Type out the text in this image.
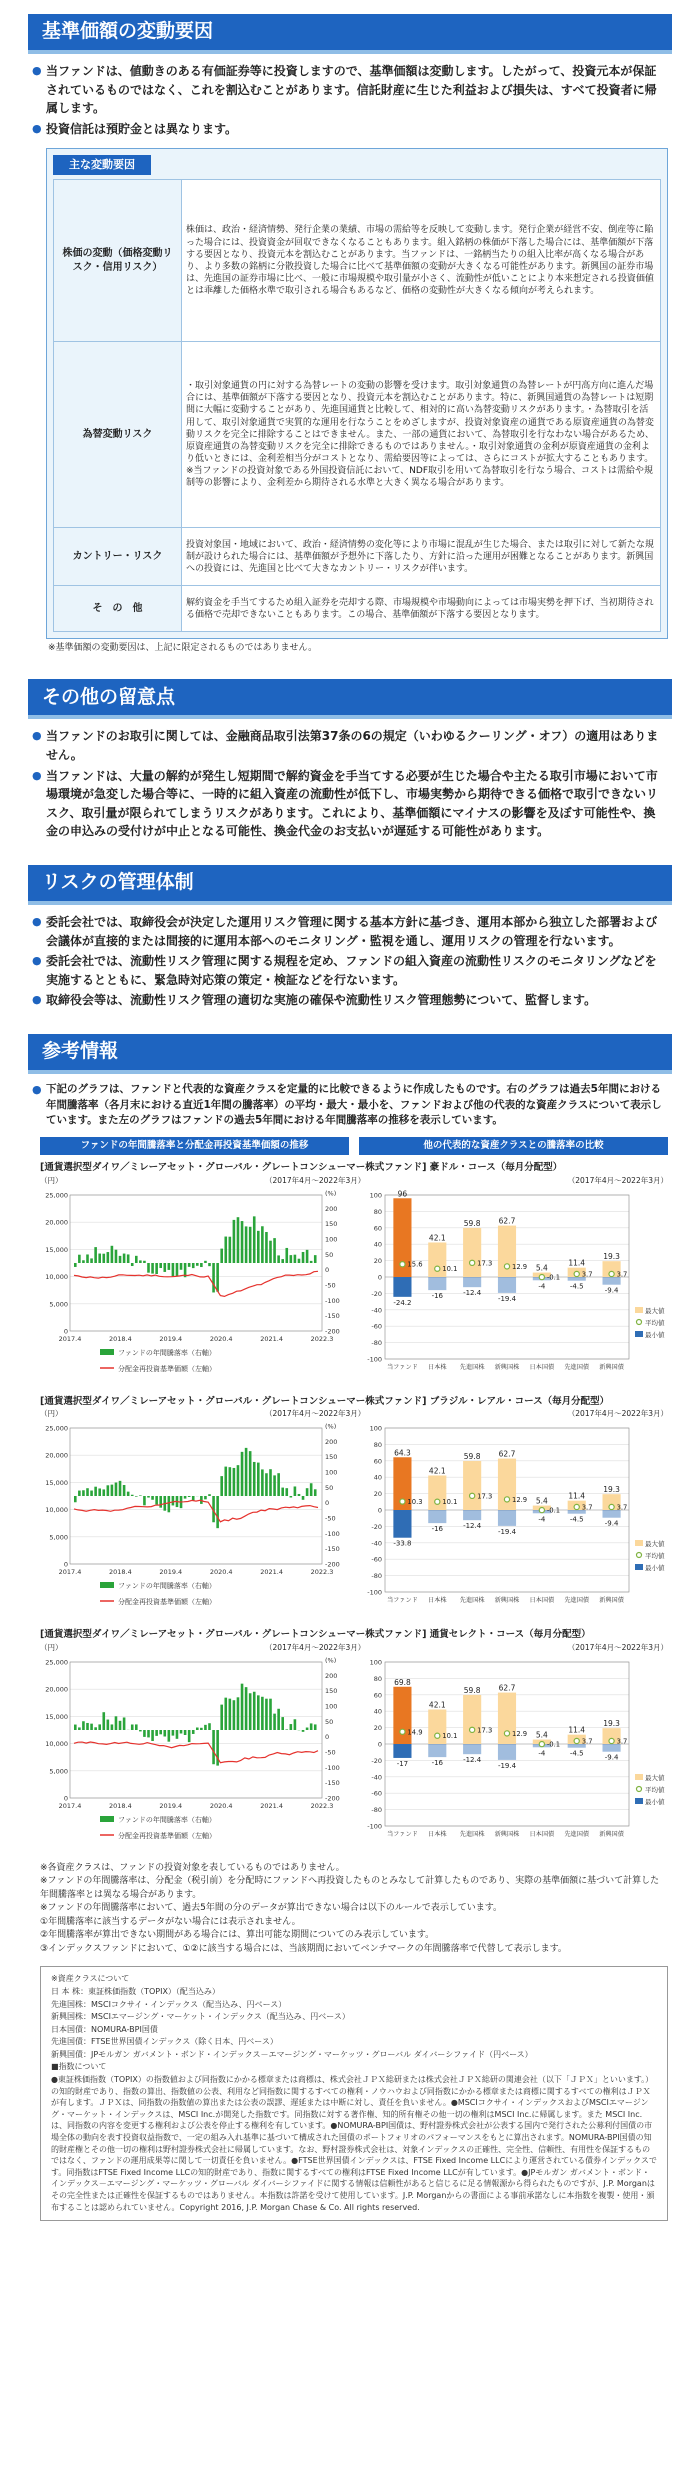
基準価額の変動要因

● 当ファンドは、値動きのある有価証券等に投資しますので、基準価額は変動します。したがって、投資元本が保証されているものではなく、これを割込むことがあります。信託財産に生じた利益および損失は、すべて投資者に帰属します。

● 投資信託は預貯金とは異なります。

主な変動要因
株価の変動（価格変動リスク・信用リスク）	株価は、政治・経済情勢、発行企業の業績、市場の需給等を反映して変動します。発行企業が経営不安、倒産等に陥った場合には、投資資金が回収できなくなることもあります。組入銘柄の株価が下落した場合には、基準価額が下落する要因となり、投資元本を割込むことがあります。当ファンドは、一銘柄当たりの組入比率が高くなる場合があり、より多数の銘柄に分散投資した場合に比べて基準価額の変動が大きくなる可能性があります。新興国の証券市場は、先進国の証券市場に比べ、一般に市場規模や取引量が小さく、流動性が低いことにより本来想定される投資価値とは乖離した価格水準で取引される場合もあるなど、価格の変動性が大きくなる傾向が考えられます。
為替変動リスク	・取引対象通貨の円に対する為替レートの変動の影響を受けます。取引対象通貨の為替レートが円高方向に進んだ場合には、基準価額が下落する要因となり、投資元本を割込むことがあります。特に、新興国通貨の為替レートは短期間に大幅に変動することがあり、先進国通貨と比較して、相対的に高い為替変動リスクがあります。・為替取引を活用して、取引対象通貨で実質的な運用を行なうことをめざしますが、投資対象資産の通貨である原資産通貨の為替変動リスクを完全に排除することはできません。また、一部の通貨において、為替取引を行なわない場合があるため、原資産通貨の為替変動リスクを完全に排除できるものではありません。・取引対象通貨の金利が原資産通貨の金利より低いときには、金利差相当分がコストとなり、需給要因等によっては、さらにコストが拡大することもあります。※当ファンドの投資対象である外国投資信託において、NDF取引を用いて為替取引を行なう場合、コストは需給や規制等の影響により、金利差から期待される水準と大きく異なる場合があります。
カントリー・リスク	投資対象国・地域において、政治・経済情勢の変化等により市場に混乱が生じた場合、または取引に対して新たな規制が設けられた場合には、基準価額が予想外に下落したり、方針に沿った運用が困難となることがあります。新興国への投資には、先進国と比べて大きなカントリー・リスクが伴います。
そ　の　他	解約資金を手当てするため組入証券を売却する際、市場規模や市場動向によっては市場実勢を押下げ、当初期待される価格で売却できないこともあります。この場合、基準価額が下落する要因となります。

※基準価額の変動要因は、上記に限定されるものではありません。

その他の留意点

● 当ファンドのお取引に関しては、金融商品取引法第37条の6の規定（いわゆるクーリング・オフ）の適用はありません。

● 当ファンドは、大量の解約が発生し短期間で解約資金を手当てする必要が生じた場合や主たる取引市場において市場環境が急変した場合等に、一時的に組入資産の流動性が低下し、市場実勢から期待できる価格で取引できないリスク、取引量が限られてしまうリスクがあります。これにより、基準価額にマイナスの影響を及ぼす可能性や、換金の申込みの受付けが中止となる可能性、換金代金のお支払いが遅延する可能性があります。

リスクの管理体制

● 委託会社では、取締役会が決定した運用リスク管理に関する基本方針に基づき、運用本部から独立した部署および会議体が直接的または間接的に運用本部へのモニタリング・監視を通し、運用リスクの管理を行ないます。

● 委託会社では、流動性リスク管理に関する規程を定め、ファンドの組入資産の流動性リスクのモニタリングなどを実施するとともに、緊急時対応策の策定・検証などを行ないます。

● 取締役会等は、流動性リスク管理の適切な実施の確保や流動性リスク管理態勢について、監督します。

参考情報

● 下記のグラフは、ファンドと代表的な資産クラスを定量的に比較できるように作成したものです。右のグラフは過去5年間における年間騰落率（各月末における直近1年間の騰落率）の平均・最大・最小を、ファンドおよび他の代表的な資産クラスについて表示しています。また左のグラフはファンドの過去5年間における年間騰落率の推移を表示しています。

ファンドの年間騰落率と分配金再投資基準価額の推移	他の代表的な資産クラスとの騰落率の比較
[通貨選択型ダイワ／ミレーアセット・グローバル・グレートコンシューマー株式ファンド] 豪ドル・コース（毎月分配型）
（円）	（2017年4月〜2022年3月）	（2017年4月〜2022年3月）
25,000
20,000
15,000
10,000
5,000
0
(%)
200
150
100
50
0
-50
-100
-150
-200
2017.4	2018.4	2019.4	2020.4	2021.4	2022.3
ファンドの年間騰落率（右軸）
分配金再投資基準価額（左軸）
100
80
60
40
20
0
-20
-40
-60
-80
-100
96
15.6
-24.2
当ファンド
42.1
10.1
-16
日本株
59.8
17.3
-12.4
先進国株
62.7
12.9
-19.4
新興国株
5.4
-0.1
-4
日本国債
11.4
3.7
-4.5
先進国債
19.3
3.7
-9.4
新興国債
最大値
平均値
最小値
[通貨選択型ダイワ／ミレーアセット・グローバル・グレートコンシューマー株式ファンド] ブラジル・レアル・コース（毎月分配型）
（円）	（2017年4月〜2022年3月）	（2017年4月〜2022年3月）
25,000
20,000
15,000
10,000
5,000
0
(%)
200
150
100
50
0
-50
-100
-150
-200
2017.4	2018.4	2019.4	2020.4	2021.4	2022.3
ファンドの年間騰落率（右軸）
分配金再投資基準価額（左軸）
100
80
60
40
20
0
-20
-40
-60
-80
-100
64.3
10.3
-33.8
当ファンド
42.1
10.1
-16
日本株
59.8
17.3
-12.4
先進国株
62.7
12.9
-19.4
新興国株
5.4
-0.1
-4
日本国債
11.4
3.7
-4.5
先進国債
19.3
3.7
-9.4
新興国債
最大値
平均値
最小値
[通貨選択型ダイワ／ミレーアセット・グローバル・グレートコンシューマー株式ファンド] 通貨セレクト・コース（毎月分配型）
（円）	（2017年4月〜2022年3月）	（2017年4月〜2022年3月）
25,000
20,000
15,000
10,000
5,000
0
(%)
200
150
100
50
0
-50
-100
-150
-200
2017.4	2018.4	2019.4	2020.4	2021.4	2022.3
ファンドの年間騰落率（右軸）
分配金再投資基準価額（左軸）
100
80
60
40
20
0
-20
-40
-60
-80
-100
69.8
14.9
-17
当ファンド
42.1
10.1
-16
日本株
59.8
17.3
-12.4
先進国株
62.7
12.9
-19.4
新興国株
5.4
-0.1
-4
日本国債
11.4
3.7
-4.5
先進国債
19.3
3.7
-9.4
新興国債
最大値
平均値
最小値

※各資産クラスは、ファンドの投資対象を表しているものではありません。

※ファンドの年間騰落率は、分配金（税引前）を分配時にファンドへ再投資したものとみなして計算したものであり、実際の基準価額に基づいて計算した年間騰落率とは異なる場合があります。

※ファンドの年間騰落率において、過去5年間の分のデータが算出できない場合は以下のルールで表示しています。

①年間騰落率に該当するデータがない場合には表示されません。

②年間騰落率が算出できない期間がある場合には、算出可能な期間についてのみ表示しています。

③インデックスファンドにおいて、①②に該当する場合には、当該期間においてベンチマークの年間騰落率で代替して表示します。

※資産クラスについて

日 本 株：東証株価指数（TOPIX）（配当込み）

先進国株：MSCIコクサイ・インデックス（配当込み、円ベース）

新興国株：MSCIエマージング・マーケット・インデックス（配当込み、円ベース）

日本国債：NOMURA-BPI国債

先進国債：FTSE世界国債インデックス（除く日本、円ベース）

新興国債：JPモルガン ガバメント・ボンド・インデックス－エマージング・マーケッツ・グローバル ダイバーシファイド（円ベース）

■指数について

●東証株価指数（TOPIX）の指数値および同指数にかかる標章または商標は、株式会社ＪＰＸ総研または株式会社ＪＰＸ総研の関連会社（以下「ＪＰＸ」といいます。）の知的財産であり、指数の算出、指数値の公表、利用など同指数に関するすべての権利・ノウハウおよび同指数にかかる標章または商標に関するすべての権利はＪＰＸが有します。ＪＰＸは、同指数の指数値の算出または公表の誤謬、遅延または中断に対し、責任を負いません。●MSCIコクサイ・インデックスおよびMSCIエマージング・マーケット・インデックスは、MSCI Inc.が開発した指数です。同指数に対する著作権、知的所有権その他一切の権利はMSCI Inc.に帰属します。また MSCI Inc.は、同指数の内容を変更する権利および公表を停止する権利を有しています。●NOMURA-BPI国債は、野村證券株式会社が公表する国内で発行された公募利付国債の市場全体の動向を表す投資収益指数で、一定の組み入れ基準に基づいて構成された国債のポートフォリオのパフォーマンスをもとに算出されます。NOMURA-BPI国債の知的財産権とその他一切の権利は野村證券株式会社に帰属しています。なお、野村證券株式会社は、対象インデックスの正確性、完全性、信頼性、有用性を保証するものではなく、ファンドの運用成果等に関して一切責任を負いません。●FTSE世界国債インデックスは、FTSE Fixed Income LLCにより運営されている債券インデックスです。同指数はFTSE Fixed Income LLCの知的財産であり、指数に関するすべての権利はFTSE Fixed Income LLCが有しています。●JPモルガン ガバメント・ボンド・インデックス－エマージング・マーケッツ・グローバル ダイバーシファイドに関する情報は信頼性があると信じるに足る情報源から得られたものですが、J.P. Morganはその完全性または正確性を保証するものではありません。本指数は許諾を受けて使用しています。J.P. Morganからの書面による事前承諾なしに本指数を複製・使用・頒布することは認められていません。Copyright 2016, J.P. Morgan Chase & Co. All rights reserved.
